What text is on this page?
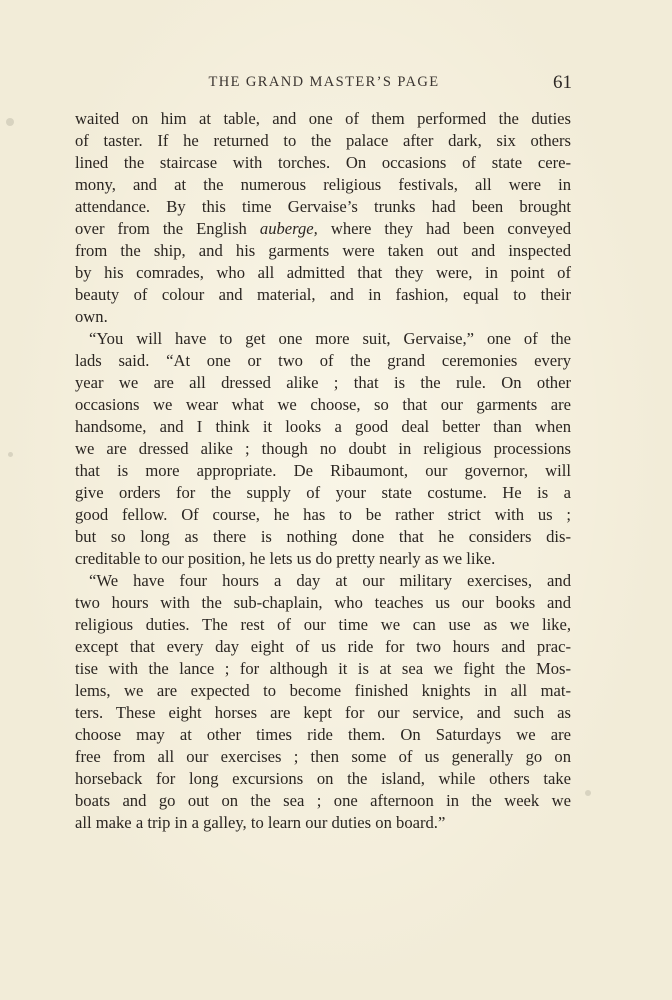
THE GRAND MASTER’S PAGE	61
waited on him at table, and one of them performed the duties
of taster. If he returned to the palace after dark, six others
lined the staircase with torches. On occasions of state cere-
mony, and at the numerous religious festivals, all were in
attendance. By this time Gervaise’s trunks had been brought
over from the English auberge, where they had been conveyed
from the ship, and his garments were taken out and inspected
by his comrades, who all admitted that they were, in point of
beauty of colour and material, and in fashion, equal to their
own.
“You will have to get one more suit, Gervaise,” one of the
lads said. “At one or two of the grand ceremonies every
year we are all dressed alike ; that is the rule. On other
occasions we wear what we choose, so that our garments are
handsome, and I think it looks a good deal better than when
we are dressed alike ; though no doubt in religious processions
that is more appropriate. De Ribaumont, our governor, will
give orders for the supply of your state costume. He is a
good fellow. Of course, he has to be rather strict with us ;
but so long as there is nothing done that he considers dis-
creditable to our position, he lets us do pretty nearly as we like.
“We have four hours a day at our military exercises, and
two hours with the sub-chaplain, who teaches us our books and
religious duties. The rest of our time we can use as we like,
except that every day eight of us ride for two hours and prac-
tise with the lance ; for although it is at sea we fight the Mos-
lems, we are expected to become finished knights in all mat-
ters. These eight horses are kept for our service, and such as
choose may at other times ride them. On Saturdays we are
free from all our exercises ; then some of us generally go on
horseback for long excursions on the island, while others take
boats and go out on the sea ; one afternoon in the week we
all make a trip in a galley, to learn our duties on board.”
